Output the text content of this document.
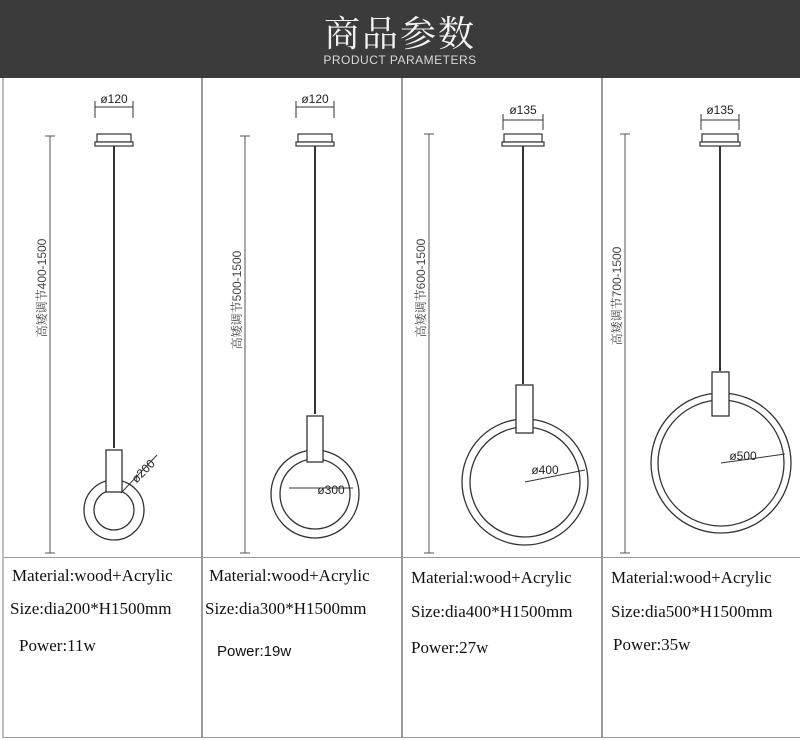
商品参数
PRODUCT PARAMETERS
ø120
高矮调节400-1500
ø200
Material:wood+Acrylic
Size:dia200*H1500mm
Power:11w
ø120
高矮调节500-1500
ø300
Material:wood+Acrylic
Size:dia300*H1500mm
Power:19w
ø135
高矮调节600-1500
ø400
Material:wood+Acrylic
Size:dia400*H1500mm
Power:27w
ø135
高矮调节700-1500
ø500
Material:wood+Acrylic
Size:dia500*H1500mm
Power:35w
